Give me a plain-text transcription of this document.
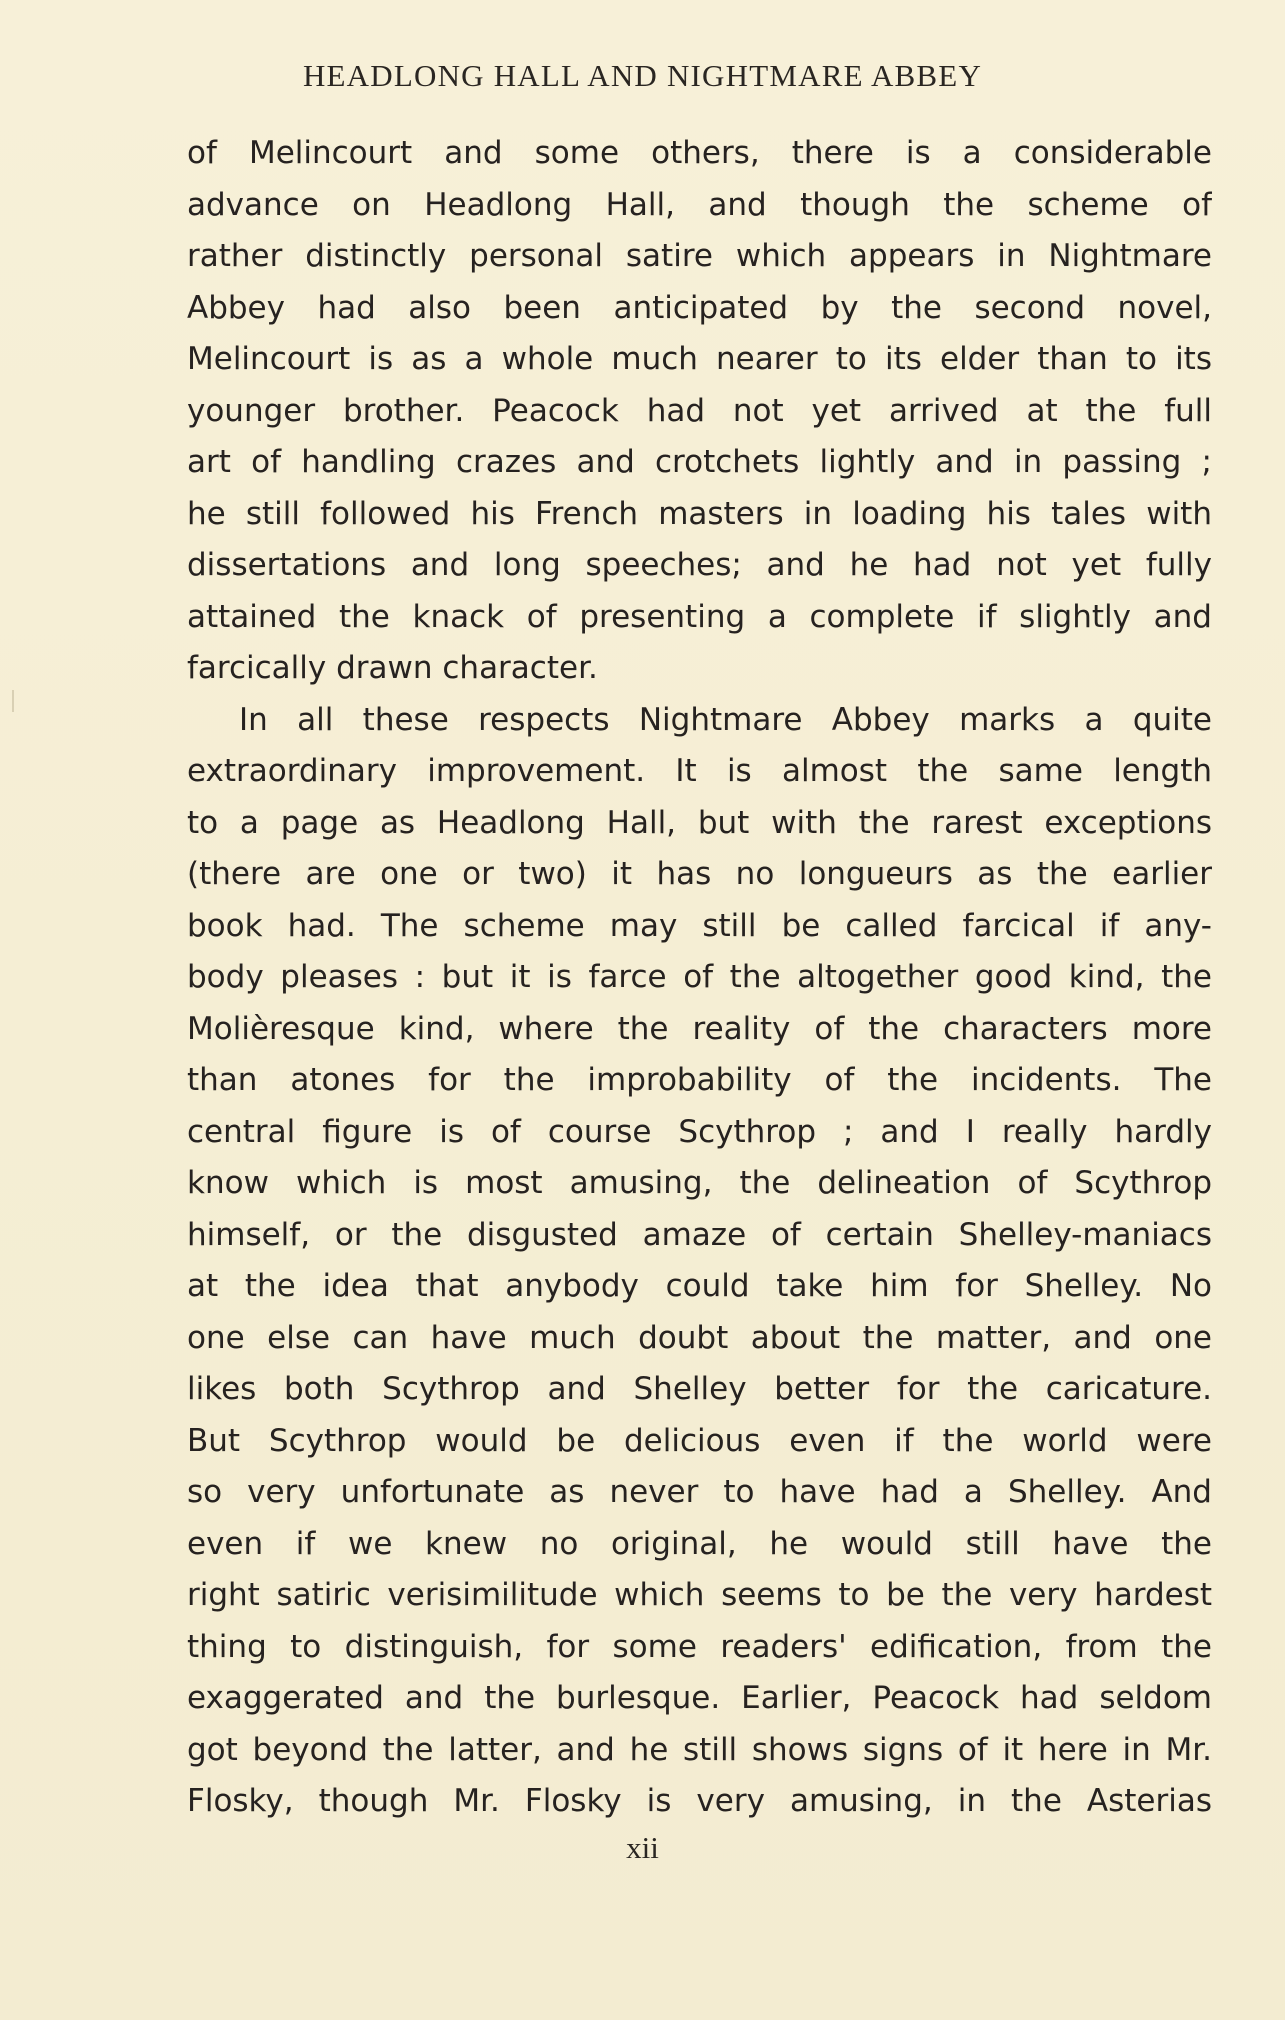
HEADLONG HALL AND NIGHTMARE ABBEY
of Melincourt and some others, there is a considerable
advance on Headlong Hall, and though the scheme of
rather distinctly personal satire which appears in Nightmare
Abbey had also been anticipated by the second novel,
Melincourt is as a whole much nearer to its elder than to its
younger brother. Peacock had not yet arrived at the full
art of handling crazes and crotchets lightly and in passing ;
he still followed his French masters in loading his tales with
dissertations and long speeches; and he had not yet fully
attained the knack of presenting a complete if slightly and
farcically drawn character.
In all these respects Nightmare Abbey marks a quite
extraordinary improvement. It is almost the same length
to a page as Headlong Hall, but with the rarest exceptions
(there are one or two) it has no longueurs as the earlier
book had. The scheme may still be called farcical if any-
body pleases : but it is farce of the altogether good kind, the
Molièresque kind, where the reality of the characters more
than atones for the improbability of the incidents. The
central figure is of course Scythrop ; and I really hardly
know which is most amusing, the delineation of Scythrop
himself, or the disgusted amaze of certain Shelley-maniacs
at the idea that anybody could take him for Shelley. No
one else can have much doubt about the matter, and one
likes both Scythrop and Shelley better for the caricature.
But Scythrop would be delicious even if the world were
so very unfortunate as never to have had a Shelley. And
even if we knew no original, he would still have the
right satiric verisimilitude which seems to be the very hardest
thing to distinguish, for some readers' edification, from the
exaggerated and the burlesque. Earlier, Peacock had seldom
got beyond the latter, and he still shows signs of it here in Mr.
Flosky, though Mr. Flosky is very amusing, in the Asterias
xii
